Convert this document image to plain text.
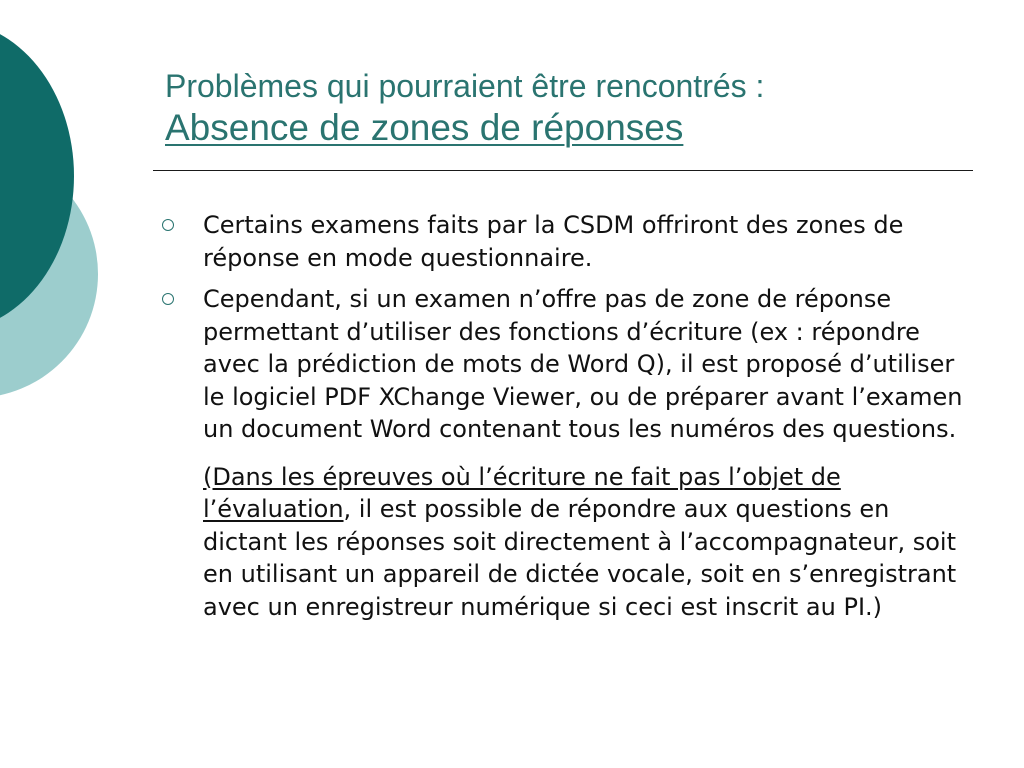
Problèmes qui pourraient être rencontrés :
Absence de zones de réponses
Certains examens faits par la CSDM offriront des zones de réponse en mode questionnaire.
Cependant, si un examen n’offre pas de zone de réponse permettant d’utiliser des fonctions d’écriture (ex : répondre avec la prédiction de mots de Word Q), il est proposé d’utiliser le logiciel PDF XChange Viewer, ou de préparer avant l’examen un document Word contenant tous les numéros des questions.
(Dans les épreuves où l’écriture ne fait pas l’objet de l’évaluation, il est possible de répondre aux questions en dictant les réponses soit directement à l’accompagnateur, soit en utilisant un appareil de dictée vocale, soit en s’enregistrant avec un enregistreur numérique si ceci est inscrit au PI.)
